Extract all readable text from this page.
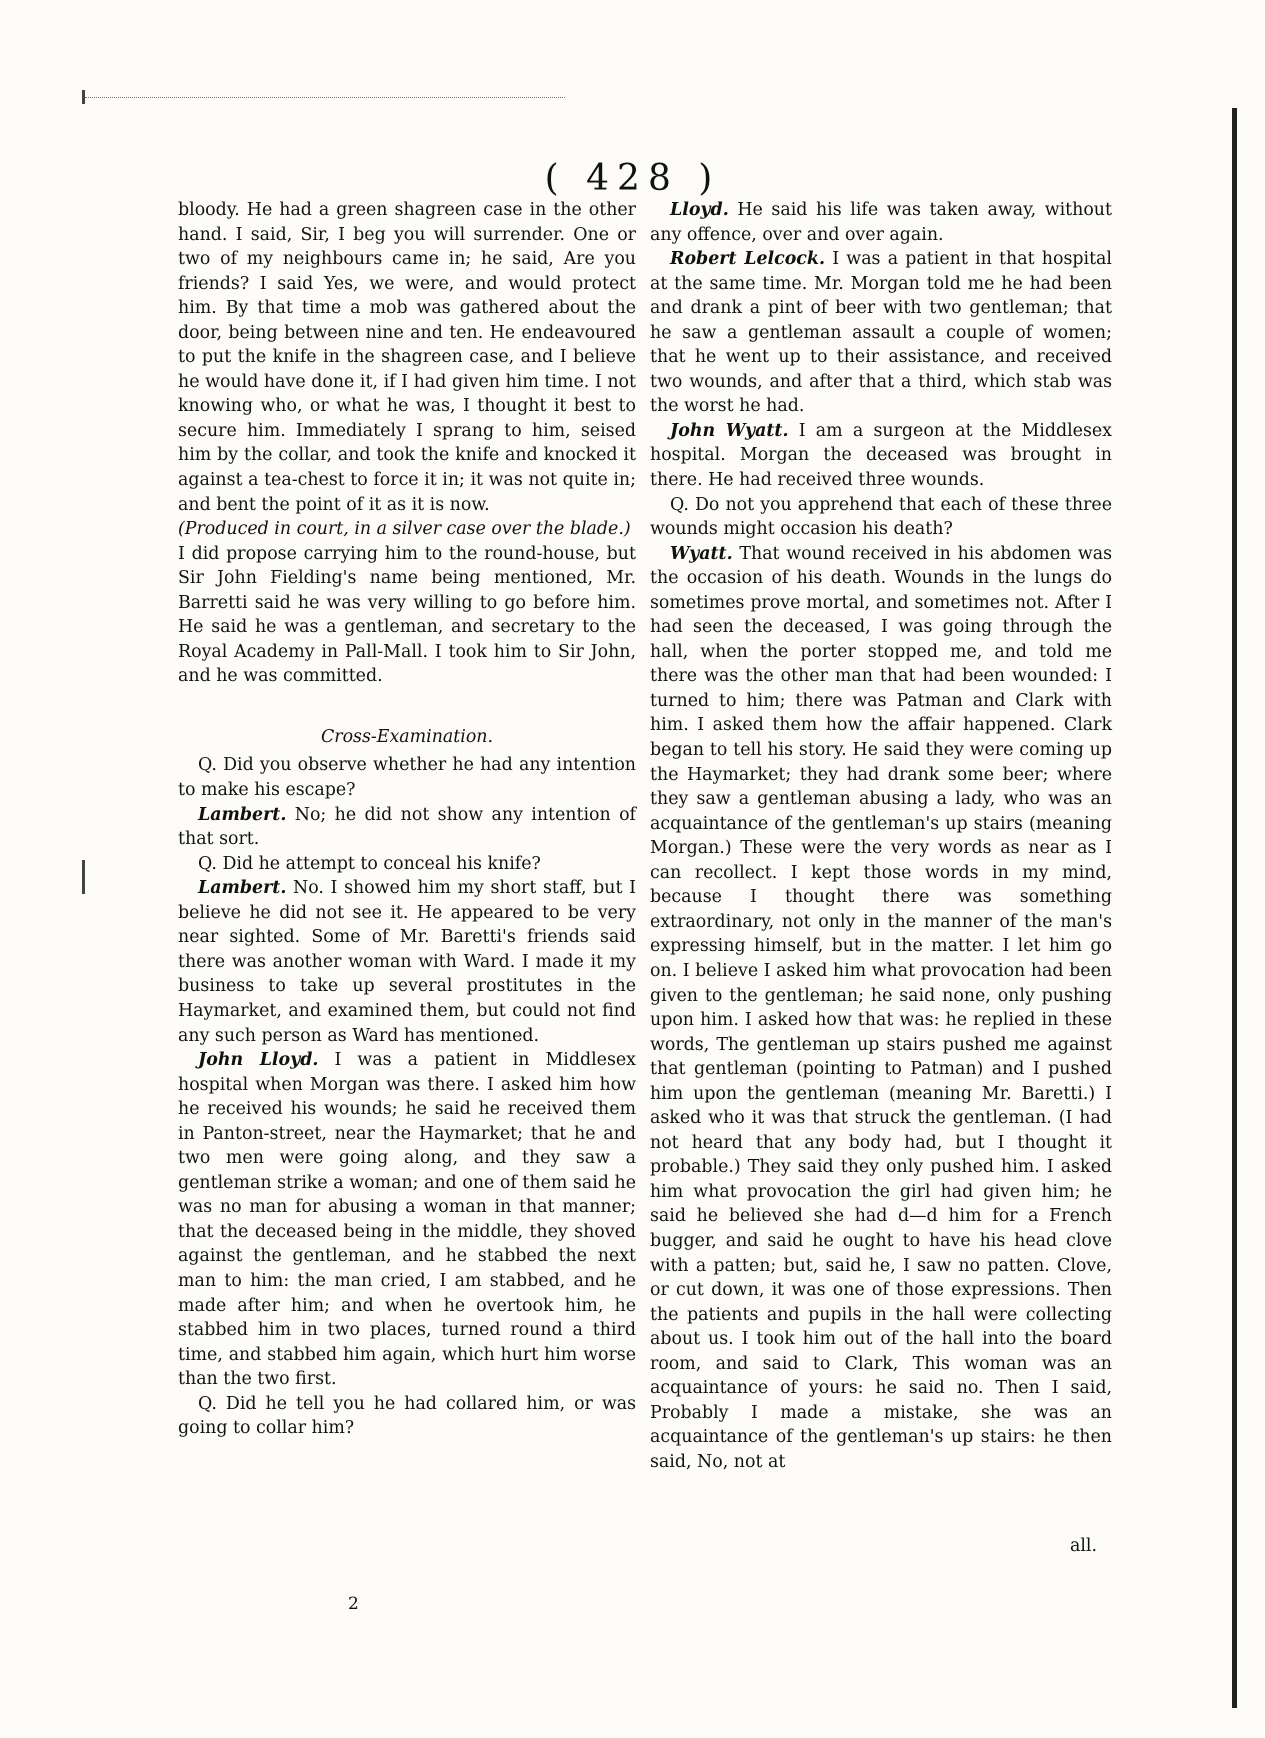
( 428 )

bloody. He had a green shagreen case in the other hand. I said, Sir, I beg you will surrender. One or two of my neighbours came in; he said, Are you friends? I said Yes, we were, and would protect him. By that time a mob was gathered about the door, being between nine and ten. He endeavoured to put the knife in the shagreen case, and I believe he would have done it, if I had given him time. I not knowing who, or what he was, I thought it best to secure him. Immediately I sprang to him, seised him by the collar, and took the knife and knocked it against a tea-chest to force it in; it was not quite in; and bent the point of it as it is now.

(Produced in court, in a silver case over the blade.)

I did propose carrying him to the round-house, but Sir John Fielding's name being mentioned, Mr. Barretti said he was very willing to go before him. He said he was a gentleman, and secretary to the Royal Academy in Pall-Mall. I took him to Sir John, and he was committed.

Cross-Examination.

Q. Did you observe whether he had any intention to make his escape?

Lambert. No; he did not show any intention of that sort.

Q. Did he attempt to conceal his knife?

Lambert. No. I showed him my short staff, but I believe he did not see it. He appeared to be very near sighted. Some of Mr. Baretti's friends said there was another woman with Ward. I made it my business to take up several prostitutes in the Haymarket, and examined them, but could not find any such person as Ward has mentioned.

John Lloyd. I was a patient in Middlesex hospital when Morgan was there. I asked him how he received his wounds; he said he received them in Panton-street, near the Haymarket; that he and two men were going along, and they saw a gentleman strike a woman; and one of them said he was no man for abusing a woman in that manner; that the deceased being in the middle, they shoved against the gentleman, and he stabbed the next man to him: the man cried, I am stabbed, and he made after him; and when he overtook him, he stabbed him in two places, turned round a third time, and stabbed him again, which hurt him worse than the two first.

Q. Did he tell you he had collared him, or was going to collar him?

Lloyd. He said his life was taken away, without any offence, over and over again.

Robert Lelcock. I was a patient in that hospital at the same time. Mr. Morgan told me he had been and drank a pint of beer with two gentleman; that he saw a gentleman assault a couple of women; that he went up to their assistance, and received two wounds, and after that a third, which stab was the worst he had.

John Wyatt. I am a surgeon at the Middlesex hospital. Morgan the deceased was brought in there. He had received three wounds.

Q. Do not you apprehend that each of these three wounds might occasion his death?

Wyatt. That wound received in his abdomen was the occasion of his death. Wounds in the lungs do sometimes prove mortal, and sometimes not. After I had seen the deceased, I was going through the hall, when the porter stopped me, and told me there was the other man that had been wounded: I turned to him; there was Patman and Clark with him. I asked them how the affair happened. Clark began to tell his story. He said they were coming up the Haymarket; they had drank some beer; where they saw a gentleman abusing a lady, who was an acquaintance of the gentleman's up stairs (meaning Morgan.) These were the very words as near as I can recollect. I kept those words in my mind, because I thought there was something extraordinary, not only in the manner of the man's expressing himself, but in the matter. I let him go on. I believe I asked him what provocation had been given to the gentleman; he said none, only pushing upon him. I asked how that was: he replied in these words, The gentleman up stairs pushed me against that gentleman (pointing to Patman) and I pushed him upon the gentleman (meaning Mr. Baretti.) I asked who it was that struck the gentleman. (I had not heard that any body had, but I thought it probable.) They said they only pushed him. I asked him what provocation the girl had given him; he said he believed she had d—d him for a French bugger, and said he ought to have his head clove with a patten; but, said he, I saw no patten. Clove, or cut down, it was one of those expressions. Then the patients and pupils in the hall were collecting about us. I took him out of the hall into the board room, and said to Clark, This woman was an acquaintance of yours: he said no. Then I said, Probably I made a mistake, she was an acquaintance of the gentleman's up stairs: he then said, No, not at

all.
2
